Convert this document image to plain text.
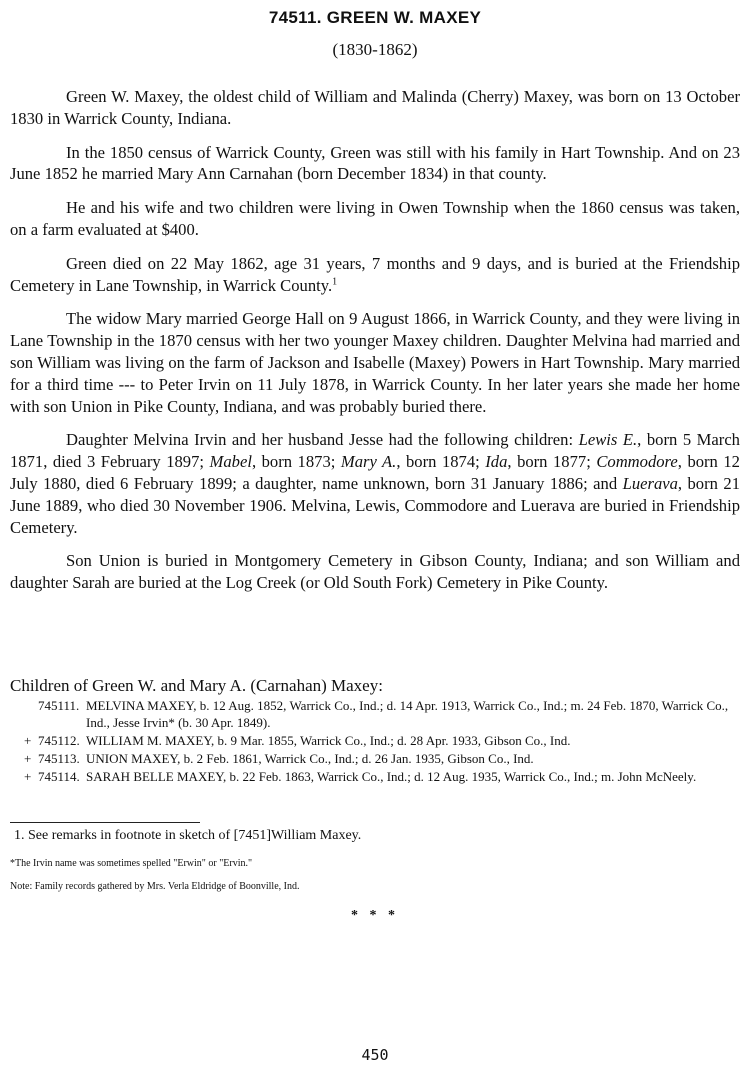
74511. GREEN W. MAXEY
(1830-1862)

Green W. Maxey, the oldest child of William and Malinda (Cherry) Maxey, was born on 13 October 1830 in Warrick County, Indiana.

In the 1850 census of Warrick County, Green was still with his family in Hart Township. And on 23 June 1852 he married Mary Ann Carnahan (born December 1834) in that county.

He and his wife and two children were living in Owen Township when the 1860 census was taken, on a farm evaluated at $400.

Green died on 22 May 1862, age 31 years, 7 months and 9 days, and is buried at the Friendship Cemetery in Lane Township, in Warrick County.$^1$

The widow Mary married George Hall on 9 August 1866, in Warrick County, and they were living in Lane Township in the 1870 census with her two younger Maxey children. Daughter Melvina had married and son William was living on the farm of Jackson and Isabelle (Maxey) Powers in Hart Township. Mary married for a third time --- to Peter Irvin on 11 July 1878, in Warrick County. In her later years she made her home with son Union in Pike County, Indiana, and was probably buried there.

Daughter Melvina Irvin and her husband Jesse had the following children: Lewis E., born 5 March 1871, died 3 February 1897; Mabel, born 1873; Mary A., born 1874; Ida, born 1877; Commodore, born 12 July 1880, died 6 February 1899; a daughter, name unknown, born 31 January 1886; and Luerava, born 21 June 1889, who died 30 November 1906. Melvina, Lewis, Commodore and Luerava are buried in Friendship Cemetery.

Son Union is buried in Montgomery Cemetery in Gibson County, Indiana; and son William and daughter Sarah are buried at the Log Creek (or Old South Fork) Cemetery in Pike County.

Children of Green W. and Mary A. (Carnahan) Maxey:
745111. MELVINA MAXEY, b. 12 Aug. 1852, Warrick Co., Ind.; d. 14 Apr. 1913, Warrick Co., Ind.; m. 24 Feb. 1870, Warrick Co., Ind., Jesse Irvin* (b. 30 Apr. 1849).
+ 745112. WILLIAM M. MAXEY, b. 9 Mar. 1855, Warrick Co., Ind.; d. 28 Apr. 1933, Gibson Co., Ind.
+ 745113. UNION MAXEY, b. 2 Feb. 1861, Warrick Co., Ind.; d. 26 Jan. 1935, Gibson Co., Ind.
+ 745114. SARAH BELLE MAXEY, b. 22 Feb. 1863, Warrick Co., Ind.; d. 12 Aug. 1935, Warrick Co., Ind.; m. John McNeely.
1. See remarks in footnote in sketch of [7451]William Maxey.
*The Irvin name was sometimes spelled "Erwin" or "Ervin."
Note: Family records gathered by Mrs. Verla Eldridge of Boonville, Ind.
* * *
450
